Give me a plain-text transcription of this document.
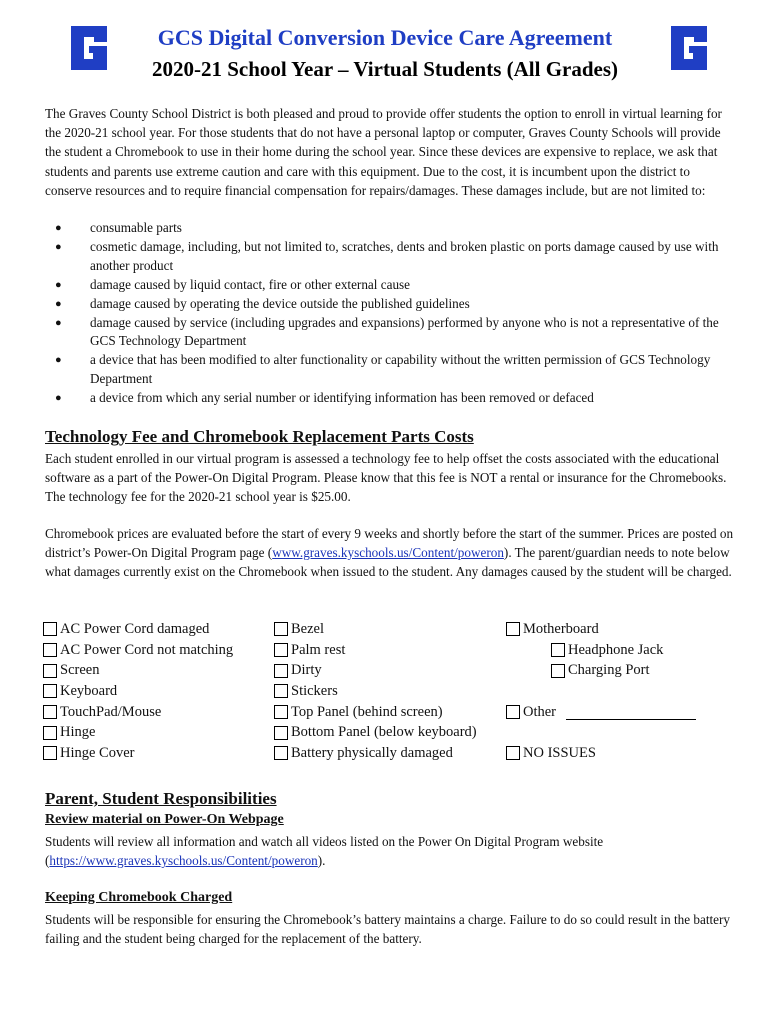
GCS Digital Conversion Device Care Agreement
2020-21 School Year – Virtual Students (All Grades)

The Graves County School District is both pleased and proud to provide offer students the option to enroll in virtual learning for the 2020-21 school year. For those students that do not have a personal laptop or computer, Graves County Schools will provide the student a Chromebook to use in their home during the school year. Since these devices are expensive to replace, we ask that students and parents use extreme caution and care with this equipment. Due to the cost, it is incumbent upon the district to conserve resources and to require financial compensation for repairs/damages. These damages include, but are not limited to:

● consumable parts
● cosmetic damage, including, but not limited to, scratches, dents and broken plastic on ports damage caused by use with another product
● damage caused by liquid contact, fire or other external cause
● damage caused by operating the device outside the published guidelines
● damage caused by service (including upgrades and expansions) performed by anyone who is not a representative of the GCS Technology Department
● a device that has been modified to alter functionality or capability without the written permission of GCS Technology Department
● a device from which any serial number or identifying information has been removed or defaced
Technology Fee and Chromebook Replacement Parts Costs

Each student enrolled in our virtual program is assessed a technology fee to help offset the costs associated with the educational software as a part of the Power-On Digital Program. Please know that this fee is NOT a rental or insurance for the Chromebooks. The technology fee for the 2020-21 school year is $25.00.

Chromebook prices are evaluated before the start of every 9 weeks and shortly before the start of the summer. Prices are posted on district’s Power-On Digital Program page (www.graves.kyschools.us/Content/poweron). The parent/guardian needs to note below what damages currently exist on the Chromebook when issued to the student. Any damages caused by the student will be charged.

AC Power Cord damaged
AC Power Cord not matching
Screen
Keyboard
TouchPad/Mouse
Hinge
Hinge Cover
Bezel
Palm rest
Dirty
Stickers
Top Panel (behind screen)
Bottom Panel (below keyboard)
Battery physically damaged
Motherboard
Headphone Jack
Charging Port
Other
NO ISSUES
Parent, Student Responsibilities
Review material on Power-On Webpage

Students will review all information and watch all videos listed on the Power On Digital Program website (https://www.graves.kyschools.us/Content/poweron).

Keeping Chromebook Charged

Students will be responsible for ensuring the Chromebook’s battery maintains a charge. Failure to do so could result in the battery failing and the student being charged for the replacement of the battery.
